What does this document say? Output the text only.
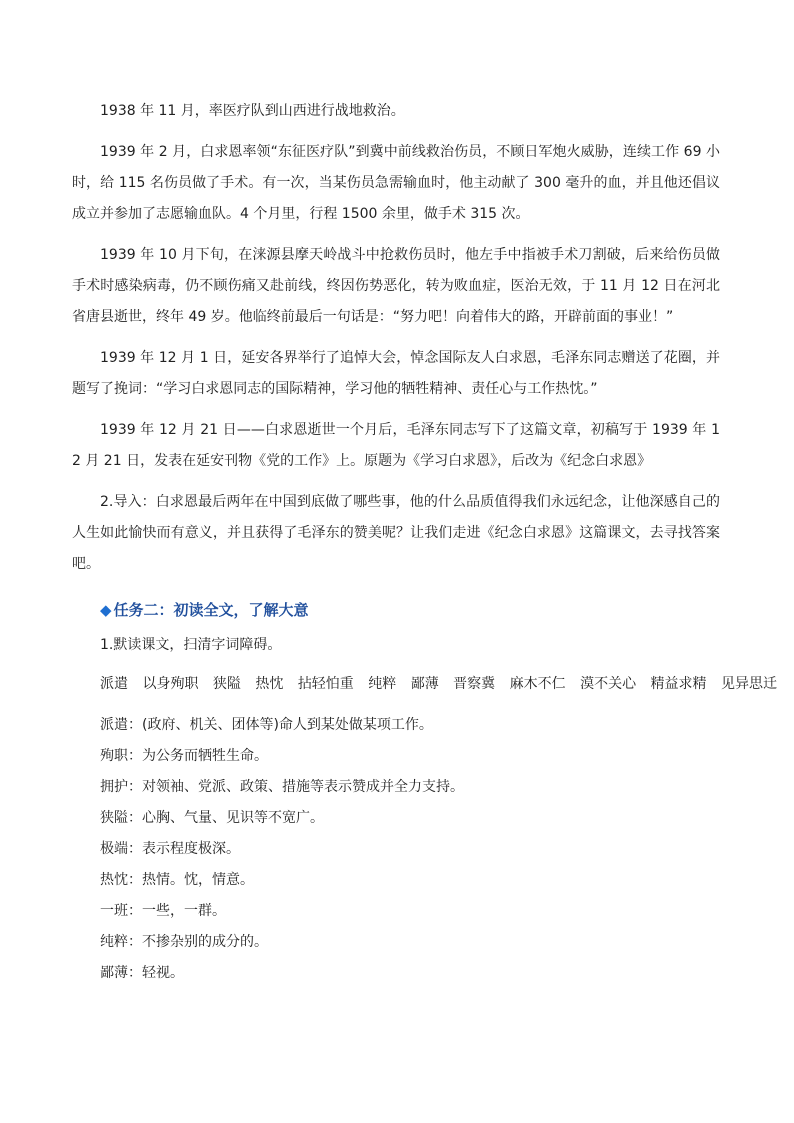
1938 年 11 月，率医疗队到山西进行战地救治。

1939 年 2 月，白求恩率领“东征医疗队”到冀中前线救治伤员，不顾日军炮火威胁，连续工作 69 小时，给 115 名伤员做了手术。有一次，当某伤员急需输血时，他主动献了 300 毫升的血，并且他还倡议成立并参加了志愿输血队。4 个月里，行程 1500 余里，做手术 315 次。

1939 年 10 月下旬，在涞源县摩天岭战斗中抢救伤员时，他左手中指被手术刀割破，后来给伤员做手术时感染病毒，仍不顾伤痛又赴前线，终因伤势恶化，转为败血症，医治无效，于 11 月 12 日在河北省唐县逝世，终年 49 岁。他临终前最后一句话是：“努力吧！向着伟大的路，开辟前面的事业！”

1939 年 12 月 1 日，延安各界举行了追悼大会，悼念国际友人白求恩，毛泽东同志赠送了花圈，并题写了挽词：“学习白求恩同志的国际精神，学习他的牺牲精神、责任心与工作热忱。”

1939 年 12 月 21 日——白求恩逝世一个月后，毛泽东同志写下了这篇文章，初稿写于 1939 年 12 月 21 日，发表在延安刊物《党的工作》上。原题为《学习白求恩》，后改为《纪念白求恩》

2.导入：白求恩最后两年在中国到底做了哪些事，他的什么品质值得我们永远纪念，让他深感自己的人生如此愉快而有意义，并且获得了毛泽东的赞美呢？让我们走进《纪念白求恩》这篇课文，去寻找答案吧。

◆ 任务二：初读全文，了解大意
1.默读课文，扫清字词障碍。
派遣 以身殉职 狭隘 热忱 拈轻怕重 纯粹 鄙薄 晋察冀 麻木不仁 漠不关心 精益求精 见异思迁
派遣：(政府、机关、团体等)命人到某处做某项工作。
殉职：为公务而牺牲生命。
拥护：对领袖、党派、政策、措施等表示赞成并全力支持。
狭隘：心胸、气量、见识等不宽广。
极端：表示程度极深。
热忱：热情。忱，情意。
一班：一些，一群。
纯粹：不掺杂别的成分的。
鄙薄：轻视。
